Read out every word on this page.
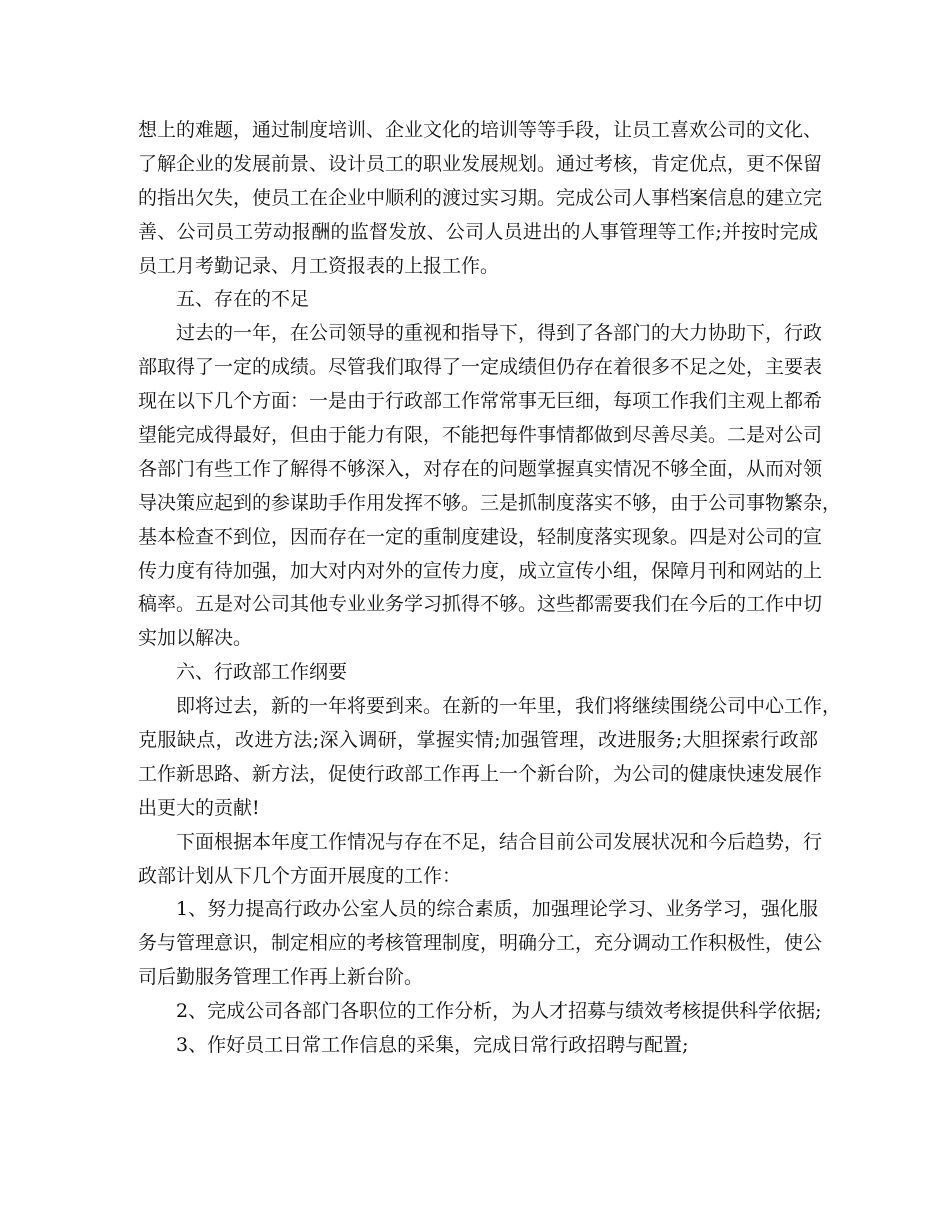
想上的难题，通过制度培训、企业文化的培训等等手段，让员工喜欢公司的文化、
了解企业的发展前景、设计员工的职业发展规划。通过考核，肯定优点，更不保留
的指出欠失，使员工在企业中顺利的渡过实习期。完成公司人事档案信息的建立完
善、公司员工劳动报酬的监督发放、公司人员进出的人事管理等工作;并按时完成
员工月考勤记录、月工资报表的上报工作。
五、存在的不足
过去的一年，在公司领导的重视和指导下，得到了各部门的大力协助下，行政
部取得了一定的成绩。尽管我们取得了一定成绩但仍存在着很多不足之处，主要表
现在以下几个方面：一是由于行政部工作常常事无巨细，每项工作我们主观上都希
望能完成得最好，但由于能力有限，不能把每件事情都做到尽善尽美。二是对公司
各部门有些工作了解得不够深入，对存在的问题掌握真实情况不够全面，从而对领
导决策应起到的参谋助手作用发挥不够。三是抓制度落实不够，由于公司事物繁杂，
基本检查不到位，因而存在一定的重制度建设，轻制度落实现象。四是对公司的宣
传力度有待加强，加大对内对外的宣传力度，成立宣传小组，保障月刊和网站的上
稿率。五是对公司其他专业业务学习抓得不够。这些都需要我们在今后的工作中切
实加以解决。
六、行政部工作纲要
即将过去，新的一年将要到来。在新的一年里，我们将继续围绕公司中心工作，
克服缺点，改进方法;深入调研，掌握实情;加强管理，改进服务;大胆探索行政部
工作新思路、新方法，促使行政部工作再上一个新台阶，为公司的健康快速发展作
出更大的贡献!
下面根据本年度工作情况与存在不足，结合目前公司发展状况和今后趋势，行
政部计划从下几个方面开展度的工作：
1、努力提高行政办公室人员的综合素质，加强理论学习、业务学习，强化服
务与管理意识，制定相应的考核管理制度，明确分工，充分调动工作积极性，使公
司后勤服务管理工作再上新台阶。
2、完成公司各部门各职位的工作分析，为人才招募与绩效考核提供科学依据;
3、作好员工日常工作信息的采集，完成日常行政招聘与配置;
